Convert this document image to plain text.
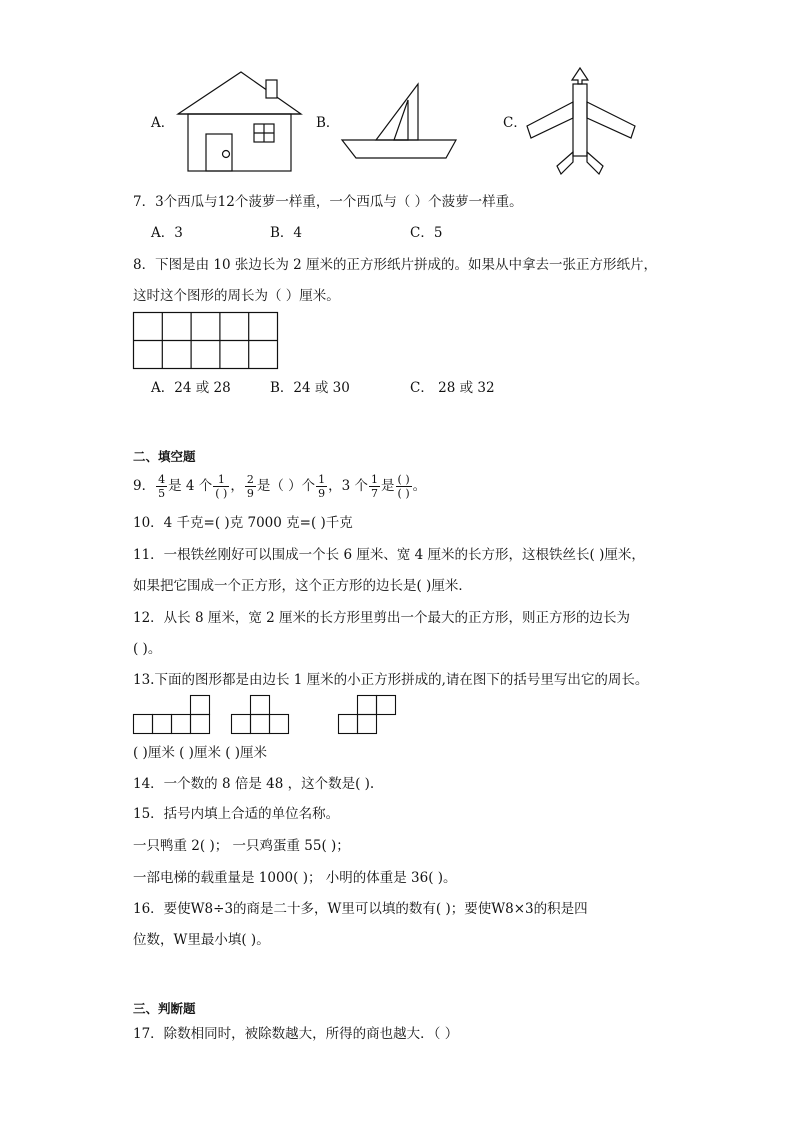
A．	B．	C．
7．3个西瓜与12个菠萝一样重，一个西瓜与（ ）个菠萝一样重。
A．3	B．4	C．5
8．下图是由 10 张边长为 2 厘米的正方形纸片拼成的。如果从中拿去一张正方形纸片，
这时这个图形的周长为（ ）厘米。
A．24 或 28	B．24 或 30	C． 28 或 32
二、填空题
9． $\frac{4}{5}$ 是 4 个 1
( ) ， $\frac{2}{9}$ 是（ ）个 $\frac{1}{9}$ ，3 个 $\frac{1}{7}$ 是 ( )
( ) 。
10．4 千克=( )克 7000 克=( )千克
11．一根铁丝刚好可以围成一个长 6 厘米、宽 4 厘米的长方形，这根铁丝长( )厘米，
如果把它围成一个正方形，这个正方形的边长是( )厘米．
12．从长 8 厘米，宽 2 厘米的长方形里剪出一个最大的正方形，则正方形的边长为
( )。
13.下面的图形都是由边长 1 厘米的小正方形拼成的,请在图下的括号里写出它的周长。
( )厘米 ( )厘米 ( )厘米
14．一个数的 8 倍是 48 ，这个数是( ).
15．括号内填上合适的单位名称。
一只鸭重 2( )； 一只鸡蛋重 55( )；
一部电梯的载重量是 1000( )； 小明的体重是 36( )。
16．要使W8÷3的商是二十多，W里可以填的数有( )；要使W8×3的积是四
位数，W里最小填( )。
三、判断题
17．除数相同时，被除数越大，所得的商也越大．（ ）
